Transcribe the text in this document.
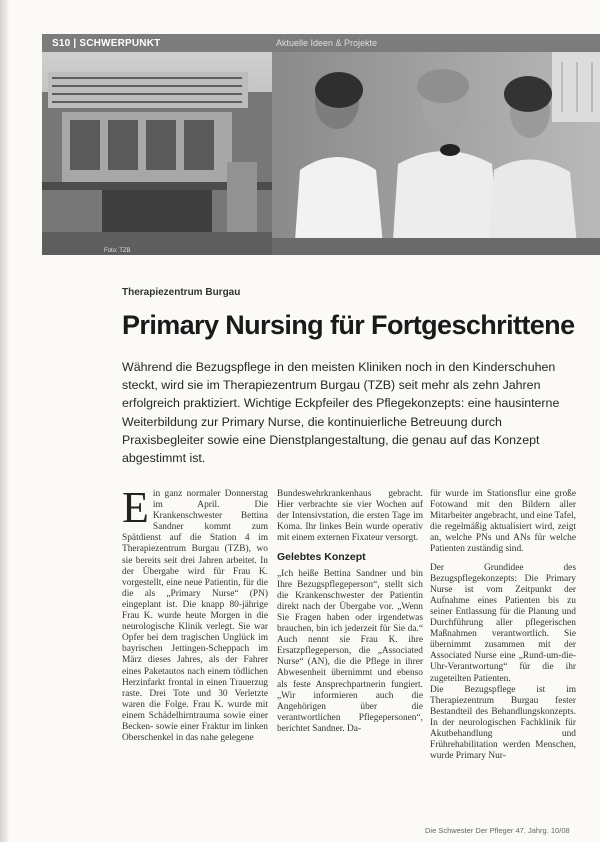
S10 | SCHWERPUNKT	Aktuelle Ideen & Projekte
Foto: TZB
Therapiezentrum Burgau
Primary Nursing für Fortgeschrittene
Während die Bezugspflege in den meisten Kliniken noch in den Kinderschuhen steckt, wird sie im Therapiezentrum Burgau (TZB) seit mehr als zehn Jahren erfolgreich praktiziert. Wichtige Eckpfeiler des Pflegekonzepts: eine hausinterne Weiterbildung zur Primary Nurse, die kontinuierliche Betreuung durch Praxisbegleiter sowie eine Dienstplangestaltung, die genau auf das Konzept abgestimmt ist.
E in ganz normaler Donnerstag im April. Die Krankenschwester Bettina Sandner kommt zum Spätdienst auf die Station 4 im Therapiezentrum Burgau (TZB), wo sie bereits seit drei Jahren arbeitet. In der Übergabe wird für Frau K. vorgestellt, eine neue Patientin, für die die als „Primary Nurse“ (PN) eingeplant ist. Die knapp 80-jährige Frau K. wurde heute Morgen in die neurologische Klinik verlegt. Sie war Opfer bei dem tragischen Unglück im bayrischen Jettingen-Scheppach im März dieses Jahres, als der Fahrer eines Paketautos nach einem tödlichen Herzinfarkt frontal in einen Trauerzug raste. Drei Tote und 30 Verletzte waren die Folge. Frau K. wurde mit einem Schädelhirntrauma sowie einer Becken- sowie einer Fraktur im linken Oberschenkel in das nahe gelegene

Bundeswehrkrankenhaus gebracht. Hier verbrachte sie vier Wochen auf der Intensivstation, die ersten Tage im Koma. Ihr linkes Bein wurde operativ mit einem externen Fixateur versorgt.

Gelebtes Konzept

„Ich heiße Bettina Sandner und bin Ihre Bezugspflegeperson“, stellt sich die Krankenschwester der Patientin direkt nach der Übergabe vor. „Wenn Sie Fragen haben oder irgendetwas brauchen, bin ich jederzeit für Sie da.“ Auch nennt sie Frau K. ihre Ersatzpflegeperson, die „Associated Nurse“ (AN), die die Pflege in ihrer Abwesenheit übernimmt und ebenso als feste Ansprechpartnerin fungiert. „Wir informieren auch die Angehörigen über die verantwortlichen Pflegepersonen“, berichtet Sandner. Da-

für wurde im Stationsflur eine große Fotowand mit den Bildern aller Mitarbeiter angebracht, und eine Tafel, die regelmäßig aktualisiert wird, zeigt an, welche PNs und ANs für welche Patienten zuständig sind.

Der Grundidee des Bezugspflegekonzepts: Die Primary Nurse ist vom Zeitpunkt der Aufnahme eines Patienten bis zu seiner Entlassung für die Planung und Durchführung aller pflegerischen Maßnahmen verantwortlich. Sie übernimmt zusammen mit der Associated Nurse eine „Rund-um-die-Uhr-Verantwortung“ für die ihr zugeteilten Patienten.

Die Bezugspflege ist im Therapiezentrum Burgau fester Bestandteil des Behandlungskonzepts. In der neurologischen Fachklinik für Akutbehandlung und Frührehabilitation werden Menschen, wurde Primary Nur-

Die Schwester Der Pfleger 47. Jahrg. 10/08
